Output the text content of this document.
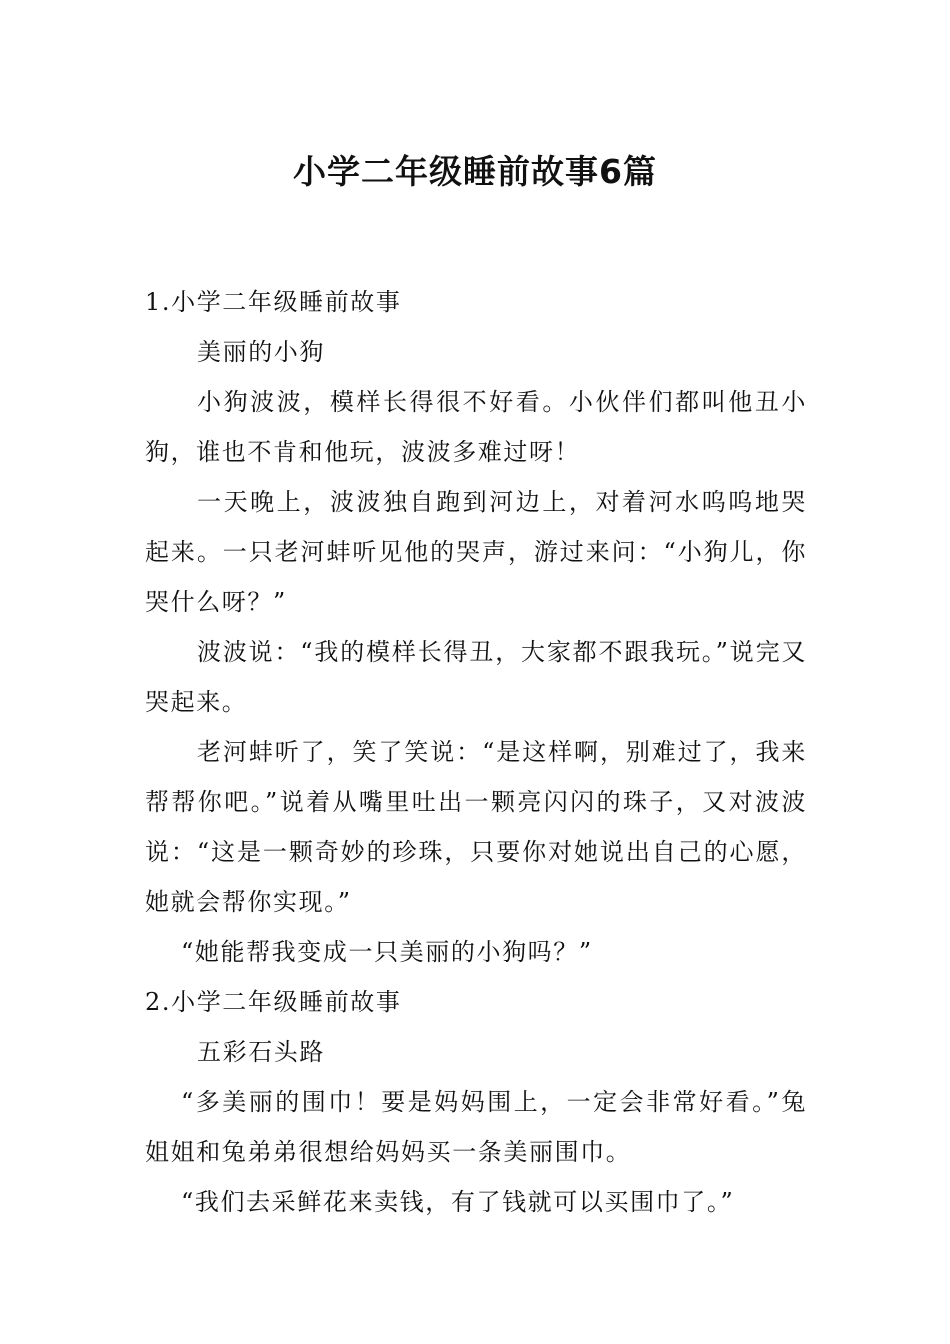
小学二年级睡前故事6篇

1.小学二年级睡前故事

美丽的小狗

小狗波波，模样长得很不好看。小伙伴们都叫他丑小狗，谁也不肯和他玩，波波多难过呀！

一天晚上，波波独自跑到河边上，对着河水呜呜地哭起来。一只老河蚌听见他的哭声，游过来问：“小狗儿，你哭什么呀？”

波波说：“我的模样长得丑，大家都不跟我玩。”说完又哭起来。

老河蚌听了，笑了笑说：“是这样啊，别难过了，我来帮帮你吧。”说着从嘴里吐出一颗亮闪闪的珠子，又对波波说：“这是一颗奇妙的珍珠，只要你对她说出自己的心愿，她就会帮你实现。”

“她能帮我变成一只美丽的小狗吗？”

2.小学二年级睡前故事

五彩石头路

“多美丽的围巾！要是妈妈围上，一定会非常好看。”兔姐姐和兔弟弟很想给妈妈买一条美丽围巾。

“我们去采鲜花来卖钱，有了钱就可以买围巾了。”
